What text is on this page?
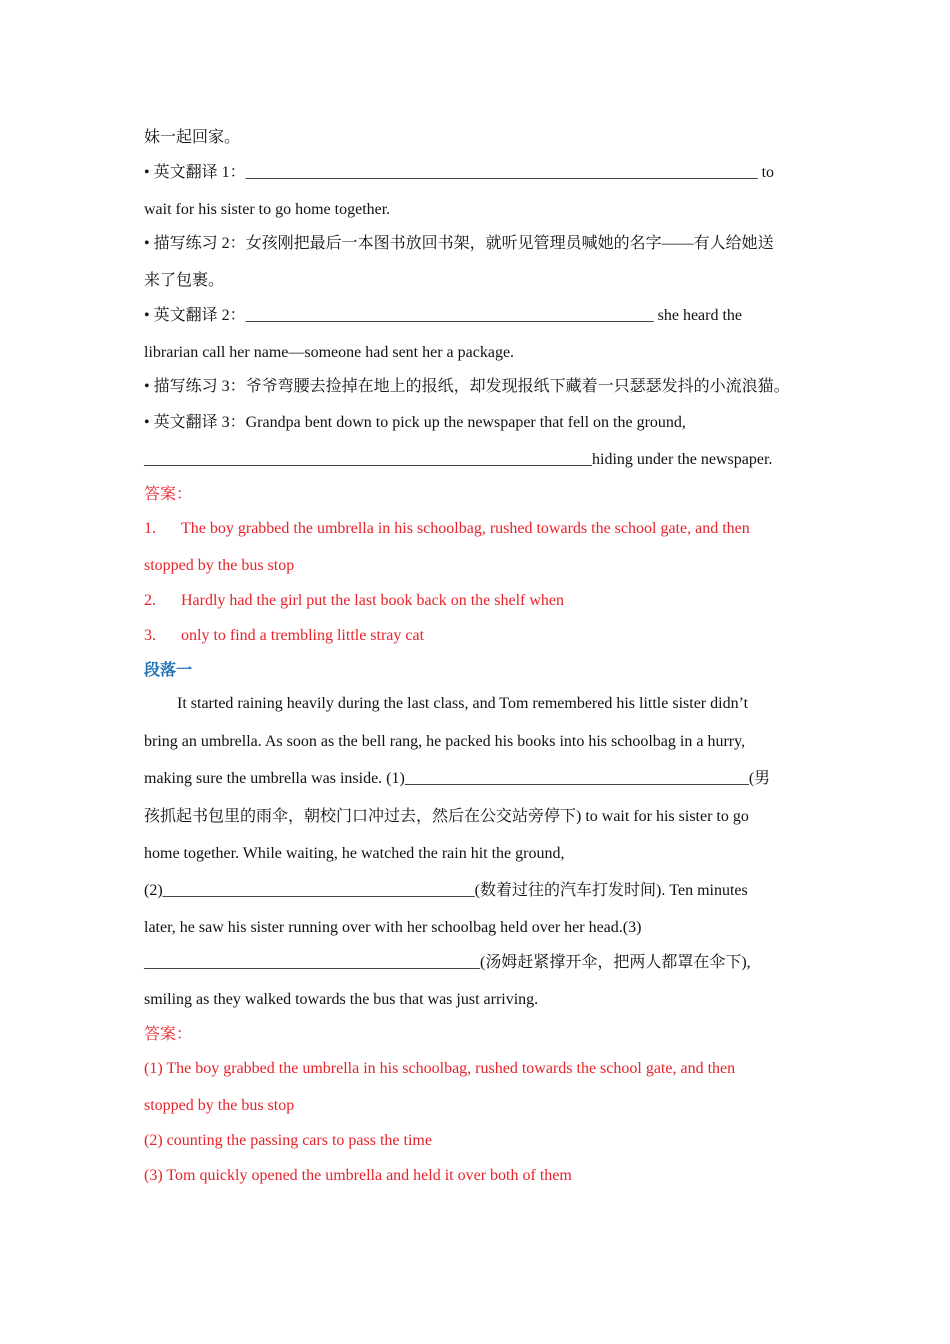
妹一起回家。
• 英文翻译 1：________________________________________________________________ to
wait for his sister to go home together.
• 描写练习 2：女孩刚把最后一本图书放回书架，就听见管理员喊她的名字——有人给她送
来了包裹。
• 英文翻译 2：___________________________________________________ she heard the
librarian call her name—someone had sent her a package.
• 描写练习 3：爷爷弯腰去捡掉在地上的报纸，却发现报纸下藏着一只瑟瑟发抖的小流浪猫。
• 英文翻译 3：Grandpa bent down to pick up the newspaper that fell on the ground,
________________________________________________________hiding under the newspaper.
答案：
1. The boy grabbed the umbrella in his schoolbag, rushed towards the school gate, and then
stopped by the bus stop
2. Hardly had the girl put the last book back on the shelf when
3. only to find a trembling little stray cat
段落一
It started raining heavily during the last class, and Tom remembered his little sister didn’t
bring an umbrella. As soon as the bell rang, he packed his books into his schoolbag in a hurry,
making sure the umbrella was inside. (1)___________________________________________(男
孩抓起书包里的雨伞，朝校门口冲过去，然后在公交站旁停下) to wait for his sister to go
home together. While waiting, he watched the rain hit the ground,
(2)_______________________________________(数着过往的汽车打发时间). Ten minutes
later, he saw his sister running over with her schoolbag held over her head.(3)
__________________________________________(汤姆赶紧撑开伞，把两人都罩在伞下),
smiling as they walked towards the bus that was just arriving.
答案：
(1) The boy grabbed the umbrella in his schoolbag, rushed towards the school gate, and then
stopped by the bus stop
(2) counting the passing cars to pass the time
(3) Tom quickly opened the umbrella and held it over both of them
